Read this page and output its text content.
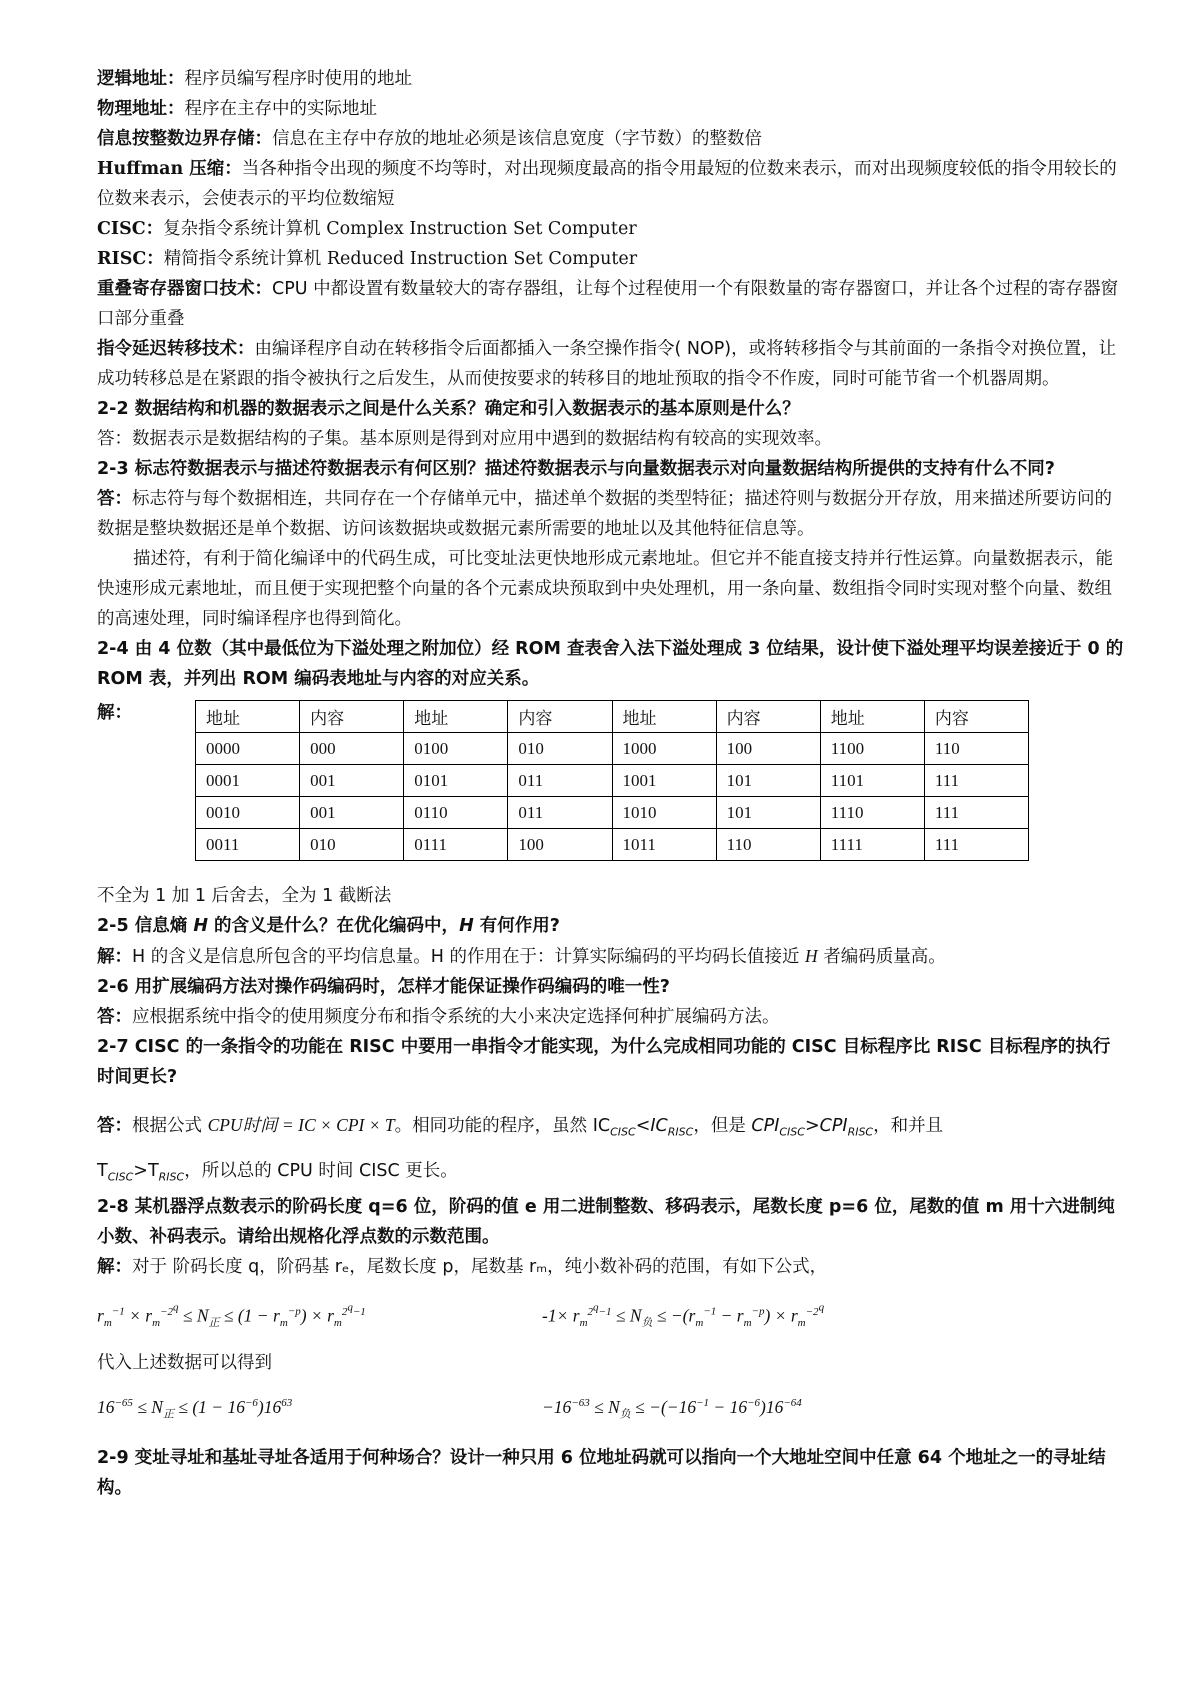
逻辑地址：程序员编写程序时使用的地址

物理地址：程序在主存中的实际地址

信息按整数边界存储：信息在主存中存放的地址必须是该信息宽度（字节数）的整数倍

Huffman 压缩：当各种指令出现的频度不均等时，对出现频度最高的指令用最短的位数来表示，而对出现频度较低的指令用较长的位数来表示，会使表示的平均位数缩短

CISC：复杂指令系统计算机 Complex Instruction Set Computer

RISC：精简指令系统计算机 Reduced Instruction Set Computer

重叠寄存器窗口技术：CPU 中都设置有数量较大的寄存器组，让每个过程使用一个有限数量的寄存器窗口，并让各个过程的寄存器窗口部分重叠

指令延迟转移技术：由编译程序自动在转移指令后面都插入一条空操作指令( NOP)，或将转移指令与其前面的一条指令对换位置，让成功转移总是在紧跟的指令被执行之后发生，从而使按要求的转移目的地址预取的指令不作废，同时可能节省一个机器周期。

2-2 数据结构和机器的数据表示之间是什么关系？确定和引入数据表示的基本原则是什么？

答：数据表示是数据结构的子集。基本原则是得到对应用中遇到的数据结构有较高的实现效率。

2-3 标志符数据表示与描述符数据表示有何区别？描述符数据表示与向量数据表示对向量数据结构所提供的支持有什么不同?

答：标志符与每个数据相连，共同存在一个存储单元中，描述单个数据的类型特征；描述符则与数据分开存放，用来描述所要访问的数据是整块数据还是单个数据、访问该数据块或数据元素所需要的地址以及其他特征信息等。

描述符，有利于简化编译中的代码生成，可比变址法更快地形成元素地址。但它并不能直接支持并行性运算。向量数据表示，能快速形成元素地址，而且便于实现把整个向量的各个元素成块预取到中央处理机，用一条向量、数组指令同时实现对整个向量、数组的高速处理，同时编译程序也得到简化。

2-4 由 4 位数（其中最低位为下溢处理之附加位）经 ROM 查表舍入法下溢处理成 3 位结果，设计使下溢处理平均误差接近于 0 的 ROM 表，并列出 ROM 编码表地址与内容的对应关系。

解：	地址	内容	地址	内容	地址	内容	地址	内容
0000	000	0100	010	1000	100	1100	110
0001	001	0101	011	1001	101	1101	111
0010	001	0110	011	1010	101	1110	111
0011	010	0111	100	1011	110	1111	111

不全为 1 加 1 后舍去，全为 1 截断法

2-5 信息熵 H 的含义是什么？在优化编码中，H 有何作用?

解：H 的含义是信息所包含的平均信息量。H 的作用在于：计算实际编码的平均码长值接近 H 者编码质量高。

2-6 用扩展编码方法对操作码编码时，怎样才能保证操作码编码的唯一性?

答：应根据系统中指令的使用频度分布和指令系统的大小来决定选择何种扩展编码方法。

2-7 CISC 的一条指令的功能在 RISC 中要用一串指令才能实现，为什么完成相同功能的 CISC 目标程序比 RISC 目标程序的执行时间更长?

答：根据公式 CPU时间 = IC × CPI × T。相同功能的程序，虽然 $IC_{CISC}<IC_{RISC}$，但是 $CPI_{CISC}>CPI_{RISC}$，和并且

$T_{CISC}>T_{RISC}$，所以总的 CPU 时间 CISC 更长。

2-8 某机器浮点数表示的阶码长度 q=6 位，阶码的值 e 用二进制整数、移码表示，尾数长度 p=6 位，尾数的值 m 用十六进制纯小数、补码表示。请给出规格化浮点数的示数范围。

解：对于 阶码长度 q，阶码基 rₑ，尾数长度 p，尾数基 rₘ，纯小数补码的范围，有如下公式，

$r_m^{-1} \times r_m^{-2^q} \le N_正 \le (1 - r_m^{-p}) \times r_m^{2^q-1}$	$-1\times r_m^{2^q-1} \le N_负 \le -(r_m^{-1} - r_m^{-p}) \times r_m^{-2^q}$

代入上述数据可以得到

$16^{-65} \le N_正 \le (1 - 16^{-6})16^{63}$	$-16^{-63} \le N_负 \le -(-16^{-1} - 16^{-6})16^{-64}$

2-9 变址寻址和基址寻址各适用于何种场合？设计一种只用 6 位地址码就可以指向一个大地址空间中任意 64 个地址之一的寻址结构。
